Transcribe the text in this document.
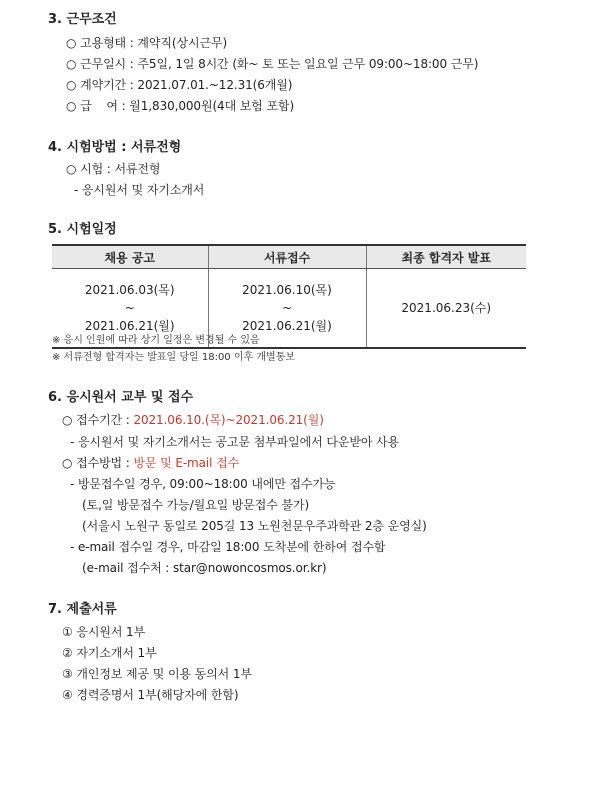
3. 근무조건
○ 고용형태 : 계약직(상시근무)
○ 근무일시 : 주5일, 1일 8시간 (화~ 토 또는 일요일 근무 09:00~18:00 근무)
○ 계약기간 : 2021.07.01.~12.31(6개월)
○ 급    여 : 월1,830,000원(4대 보험 포함)
4. 시험방법 : 서류전형
○ 시험 : 서류전형
- 응시원서 및 자기소개서
5. 시험일정
채용 공고	서류접수	최종 합격자 발표

2021.06.03(목)
~
2021.06.21(월)	2021.06.10(목)
~
2021.06.21(월)	2021.06.23(수)
※ 응시 인원에 따라 상기 일정은 변경될 수 있음
※ 서류전형 합격자는 발표일 당일 18:00 이후 개별통보
6. 응시원서 교부 및 접수
○ 접수기간 : 2021.06.10.(목)~2021.06.21(월)
- 응시원서 및 자기소개서는 공고문 첨부파일에서 다운받아 사용
○ 접수방법 : 방문 및 E-mail 접수
- 방문접수일 경우, 09:00~18:00 내에만 접수가능
(토,일 방문접수 가능/월요일 방문접수 불가)
(서울시 노원구 동일로 205길 13 노원천문우주과학관 2층 운영실)
- e-mail 접수일 경우, 마감일 18:00 도착분에 한하여 접수함
(e-mail 접수처 : star@nowoncosmos.or.kr)
7. 제출서류
① 응시원서 1부
② 자기소개서 1부
③ 개인정보 제공 및 이용 동의서 1부
④ 경력증명서 1부(해당자에 한함)
